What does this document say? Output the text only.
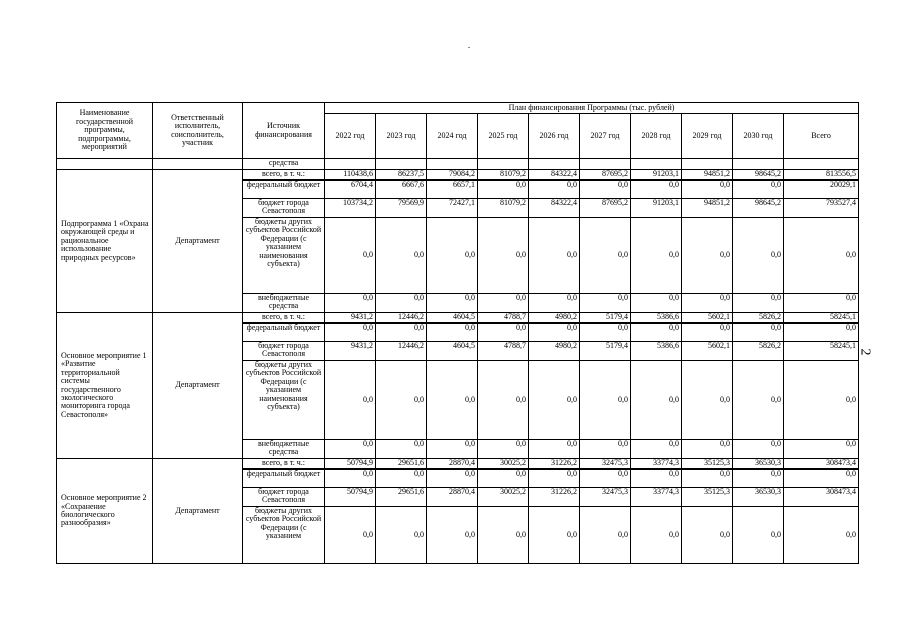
2
Наименование государственной программы, подпрограммы, мероприятий	Ответственный исполнитель, соисполнитель, участник	Источник финансирования	План финансирования Программы (тыс. рублей)									
			2022 год	2023 год	2024 год	2025 год	2026 год	2027 год	2028 год	2029 год	2030 год	Всего
		средства										
Подпрограмма 1 «Охрана окружающей среды и рациональное использование природных ресурсов»	Департамент	всего, в т. ч.:	110438,6	86237,5	79084,2	81079,2	84322,4	87695,2	91203,1	94851,2	98645,2	813556,5
		федеральный бюджет	6704,4	6667,6	6657,1	0,0	0,0	0,0	0,0	0,0	0,0	20029,1
		бюджет города Севастополя	103734,2	79569,9	72427,1	81079,2	84322,4	87695,2	91203,1	94851,2	98645,2	793527,4
		бюджеты других субъектов Российской Федерации (с указанием наименования субъекта)	0,0	0,0	0,0	0,0	0,0	0,0	0,0	0,0	0,0	0,0
		внебюджетные средства	0,0	0,0	0,0	0,0	0,0	0,0	0,0	0,0	0,0	0,0
Основное мероприятие 1 «Развитие территориальной системы государственного экологического мониторинга города Севастополя»	Департамент	всего, в т. ч.:	9431,2	12446,2	4604,5	4788,7	4980,2	5179,4	5386,6	5602,1	5826,2	58245,1
		федеральный бюджет	0,0	0,0	0,0	0,0	0,0	0,0	0,0	0,0	0,0	0,0
		бюджет города Севастополя	9431,2	12446,2	4604,5	4788,7	4980,2	5179,4	5386,6	5602,1	5826,2	58245,1
		бюджеты других субъектов Российской Федерации (с указанием наименования субъекта)	0,0	0,0	0,0	0,0	0,0	0,0	0,0	0,0	0,0	0,0
		внебюджетные средства	0,0	0,0	0,0	0,0	0,0	0,0	0,0	0,0	0,0	0,0
Основное мероприятие 2 «Сохранение биологического разнообразия»	Департамент	всего, в т. ч.:	50794,9	29651,6	28870,4	30025,2	31226,2	32475,3	33774,3	35125,3	36530,3	308473,4
		федеральный бюджет	0,0	0,0	0,0	0,0	0,0	0,0	0,0	0,0	0,0	0,0
		бюджет города Севастополя	50794,9	29651,6	28870,4	30025,2	31226,2	32475,3	33774,3	35125,3	36530,3	308473,4
		бюджеты других субъектов Российской Федерации (с указанием	0,0	0,0	0,0	0,0	0,0	0,0	0,0	0,0	0,0	0,0
